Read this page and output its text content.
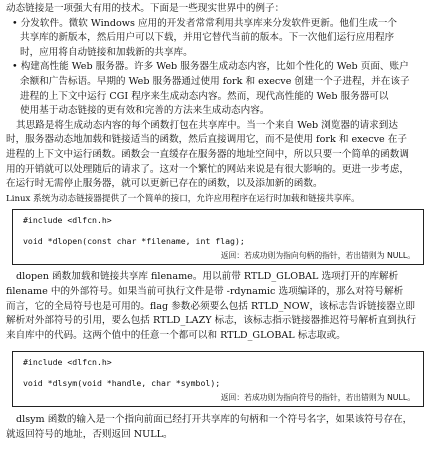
动态链接是一项强大有用的技术。下面是一些现实世界中的例子：

• 分发软件。微软 Windows 应用的开发者常常利用共享库来分发软件更新。他们生成一个

共享库的新版本，然后用户可以下载，并用它替代当前的版本。下一次他们运行应用程序

时，应用将自动链接和加载新的共享库。

• 构建高性能 Web 服务器。许多 Web 服务器生成动态内容，比如个性化的 Web 页面、账户

余额和广告标语。早期的 Web 服务器通过使用 fork 和 execve 创建一个子进程，并在该子

进程的上下文中运行 CGI 程序来生成动态内容。然而，现代高性能的 Web 服务器可以

使用基于动态链接的更有效和完善的方法来生成动态内容。

其思路是将生成动态内容的每个函数打包在共享库中。当一个来自 Web 浏览器的请求到达

时，服务器动态地加载和链接适当的函数，然后直接调用它，而不是使用 fork 和 execve 在子

进程的上下文中运行函数。函数会一直缓存在服务器的地址空间中，所以只要一个简单的函数调

用的开销就可以处理随后的请求了。这对一个繁忙的网站来说是有很大影响的。更进一步考虑，

在运行时无需停止服务器，就可以更新已存在的函数，以及添加新的函数。

Linux 系统为动态链接器提供了一个简单的接口，允许应用程序在运行时加载和链接共享库。

#include <dlfcn.h>
void *dlopen(const char *filename, int flag);
返回：若成功则为指向句柄的指针，若出错则为 NULL。

dlopen 函数加载和链接共享库 filename。用以前带 RTLD_GLOBAL 选项打开的库解析

filename 中的外部符号。如果当前可执行文件是带 -rdynamic 选项编译的，那么对符号解析

而言，它的全局符号也是可用的。flag 参数必须要么包括 RTLD_NOW，该标志告诉链接器立即

解析对外部符号的引用，要么包括 RTLD_LAZY 标志，该标志指示链接器推迟符号解析直到执行

来自库中的代码。这两个值中的任意一个都可以和 RTLD_GLOBAL 标志取或。

#include <dlfcn.h>
void *dlsym(void *handle, char *symbol);
返回：若成功则为指向符号的指针，若出错则为 NULL。

dlsym 函数的输入是一个指向前面已经打开共享库的句柄和一个符号名字，如果该符号存在，

就返回符号的地址，否则返回 NULL。
